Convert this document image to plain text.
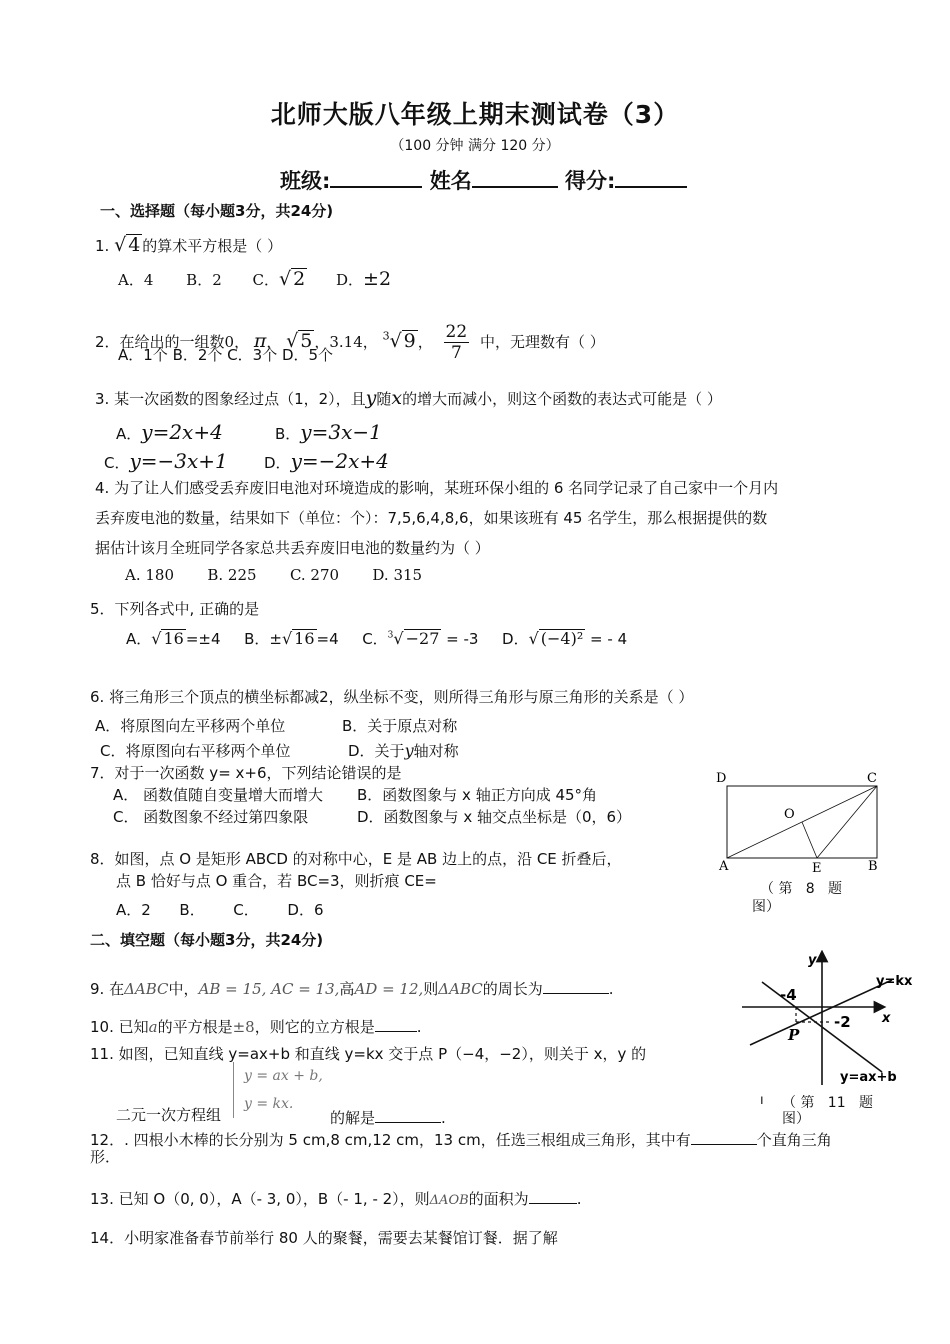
北师大版八年级上期末测试卷（3）
（100 分钟 满分 120 分）
班级:	姓名	得分:
一、选择题（每小题3分，共24分)
1. √ 4 的算术平方根是（ ）
A．4 B．2 C．√ 2 D．±2
2．在给出的一组数0， π， √ 5 ，3.14， $^3$√ 9 ， $\frac{22}{7}$ 中，无理数有（ ）
A．1个 B．2个 C．3个 D．5个
3. 某一次函数的图象经过点（1，2），且y随x的增大而减小，则这个函数的表达式可能是（ ）
A．y=2x+4	B．y=3x−1
C．y=−3x+1 D．y=−2x+4
4. 为了让人们感受丢弃废旧电池对环境造成的影响，某班环保小组的 6 名同学记录了自己家中一个月内
丢弃废电池的数量，结果如下（单位：个）：7,5,6,4,8,6，如果该班有 45 名学生，那么根据提供的数
据估计该月全班同学各家总共丢弃废旧电池的数量约为（ ）
A. 180       B. 225       C. 270       D. 315
5．下列各式中, 正确的是
A．√ 16 =±4 B．±√ 16 =4 C．$^3$√ −27 = -3 D．√ (−4)² = - 4
6. 将三角形三个顶点的横坐标都减2，纵坐标不变，则所得三角形与原三角形的关系是（ ）
A．将原图向左平移两个单位	B．关于原点对称
C．将原图向右平移两个单位	D．关于y轴对称
7．对于一次函数 y= x+6，下列结论错误的是
A． 函数值随自变量增大而增大 B．函数图象与 x 轴正方向成 45°角
C． 函数图象不经过第四象限	D．函数图象与 x 轴交点坐标是（0，6）
D	C
O
A	E	B
（ 第   8   题
图）
8．如图，点 O 是矩形 ABCD 的对称中心，E 是 AB 边上的点，沿 CE 折叠后，
点 B 恰好与点 O 重合，若 BC=3，则折痕 CE=
A．2      B．      C．      D．6
二、填空题（每小题3分，共24分)
y
x
y=kx
y=ax+b
-4
-2
P
ı （ 第   11   题
图）
9. 在ΔABC中，AB = 15, AC = 13,高AD = 12,则ΔABC的周长为	.
10. 已知a的平方根是±8，则它的立方根是	.
11. 如图，已知直线 y=ax+b 和直线 y=kx 交于点 P（−4，−2），则关于 x，y 的
y = ax + b,
y = kx.
二元一次方程组	的解是	.
12．. 四根小木棒的长分别为 5 cm,8 cm,12 cm，13 cm，任选三根组成三角形，其中有	个直角三角
形．
13. 已知 O（0, 0），A（- 3, 0），B（- 1, - 2），则ΔAOB的面积为	.
14．小明家准备春节前举行 80 人的聚餐，需要去某餐馆订餐．据了解
